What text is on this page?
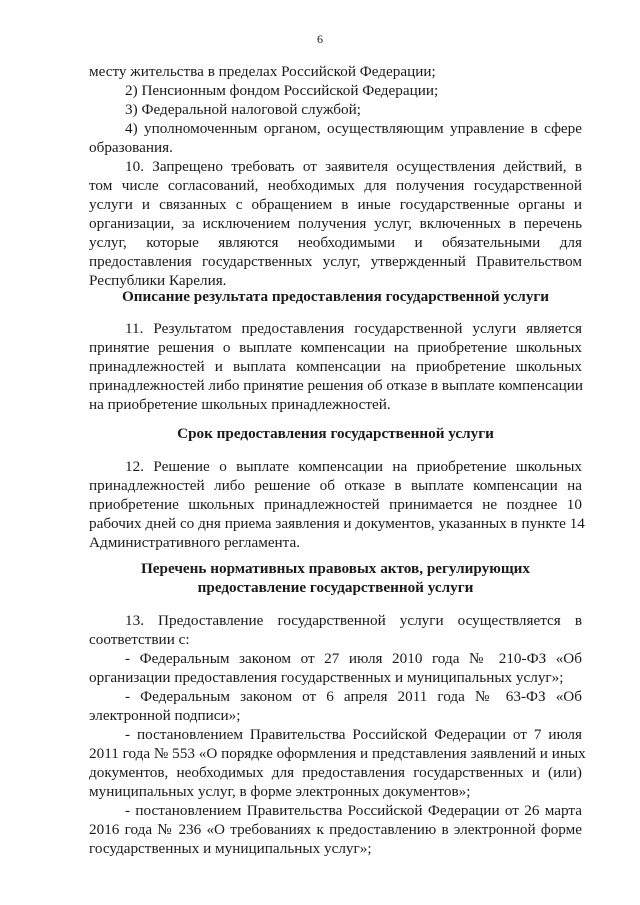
6
месту жительства в пределах Российской Федерации;
2) Пенсионным фондом Российской Федерации;
3) Федеральной налоговой службой;
4) уполномоченным органом, осуществляющим управление в сфере
образования.
10. Запрещено требовать от заявителя осуществления действий, в
том числе согласований, необходимых для получения государственной
услуги и связанных с обращением в иные государственные органы и
организации, за исключением получения услуг, включенных в перечень
услуг, которые являются необходимыми и обязательными для
предоставления государственных услуг, утвержденный Правительством
Республики Карелия.
Описание результата предоставления государственной услуги
11. Результатом предоставления государственной услуги является
принятие решения о выплате компенсации на приобретение школьных
принадлежностей и выплата компенсации на приобретение школьных
принадлежностей либо принятие решения об отказе в выплате компенсации
на приобретение школьных принадлежностей.
Срок предоставления государственной услуги
12. Решение о выплате компенсации на приобретение школьных
принадлежностей либо решение об отказе в выплате компенсации на
приобретение школьных принадлежностей принимается не позднее 10
рабочих дней со дня приема заявления и документов, указанных в пункте 14
Административного регламента.
Перечень нормативных правовых актов, регулирующих
предоставление государственной услуги
13. Предоставление государственной услуги осуществляется в
соответствии с:
- Федеральным законом от 27 июля 2010 года № 210-ФЗ «Об
организации предоставления государственных и муниципальных услуг»;
- Федеральным законом от 6 апреля 2011 года № 63-ФЗ «Об
электронной подписи»;
- постановлением Правительства Российской Федерации от 7 июля
2011 года № 553 «О порядке оформления и представления заявлений и иных
документов, необходимых для предоставления государственных и (или)
муниципальных услуг, в форме электронных документов»;
- постановлением Правительства Российской Федерации от 26 марта
2016 года № 236 «О требованиях к предоставлению в электронной форме
государственных и муниципальных услуг»;
